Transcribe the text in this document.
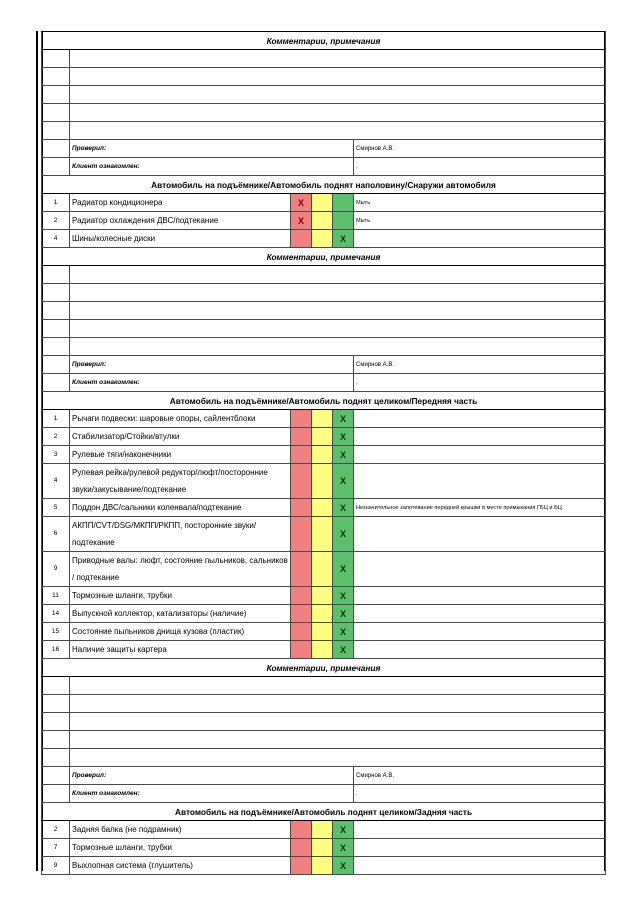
Комментарии, примечания					

	Проверил:				Смирнов А.В.
	Клиент ознакомлен:				.
Автомобиль на подъёмнике/Автомобиль поднят наполовину/Снаружи автомобиля					
1	Радиатор кондиционера	X			Мыть
2	Радиатор охлаждения ДВС/подтекание	X			Мыть
4	Шины/колесные диски			X	
Комментарии, примечания					

	Проверил:				Смирнов А.В.
	Клиент ознакомлен:				.
Автомобиль на подъёмнике/Автомобиль поднят целиком/Передняя часть					
1	Рычаги подвески: шаровые опоры, сайлентблоки			X	
2	Стабилизатор/Стойки/втулки			X	
3	Рулевые тяги/наконечники			X	
4	Рулевая рейка/рулевой редуктор/люфт/посторонние звуки/закусывание/подтекание			X	
5	Поддон ДВС/сальники коленвала/подтекание			X	Незначительное запотевание передней крышки в месте примыкания ГБЦ и БЦ
6	АКПП/CVT/DSG/МКПП/РКПП, посторонние звуки/ подтекание			X	
9	Приводные валы: люфт, состояние пыльников, сальников / подтекание			X	
11	Тормозные шланги, трубки			X	
14	Выпускной коллектор, катализаторы (наличие)			X	
15	Состояние пыльников днища кузова (пластик)			X	
16	Наличие защиты картера			X	
Комментарии, примечания					

	Проверил:				Смирнов А.В.
	Клиент ознакомлен:				.
Автомобиль на подъёмнике/Автомобиль поднят целиком/Задняя часть					
2	Задняя балка (не подрамник)			X	
7	Тормозные шланги, трубки			X	
9	Выхлопная система (глушитель)			X	
